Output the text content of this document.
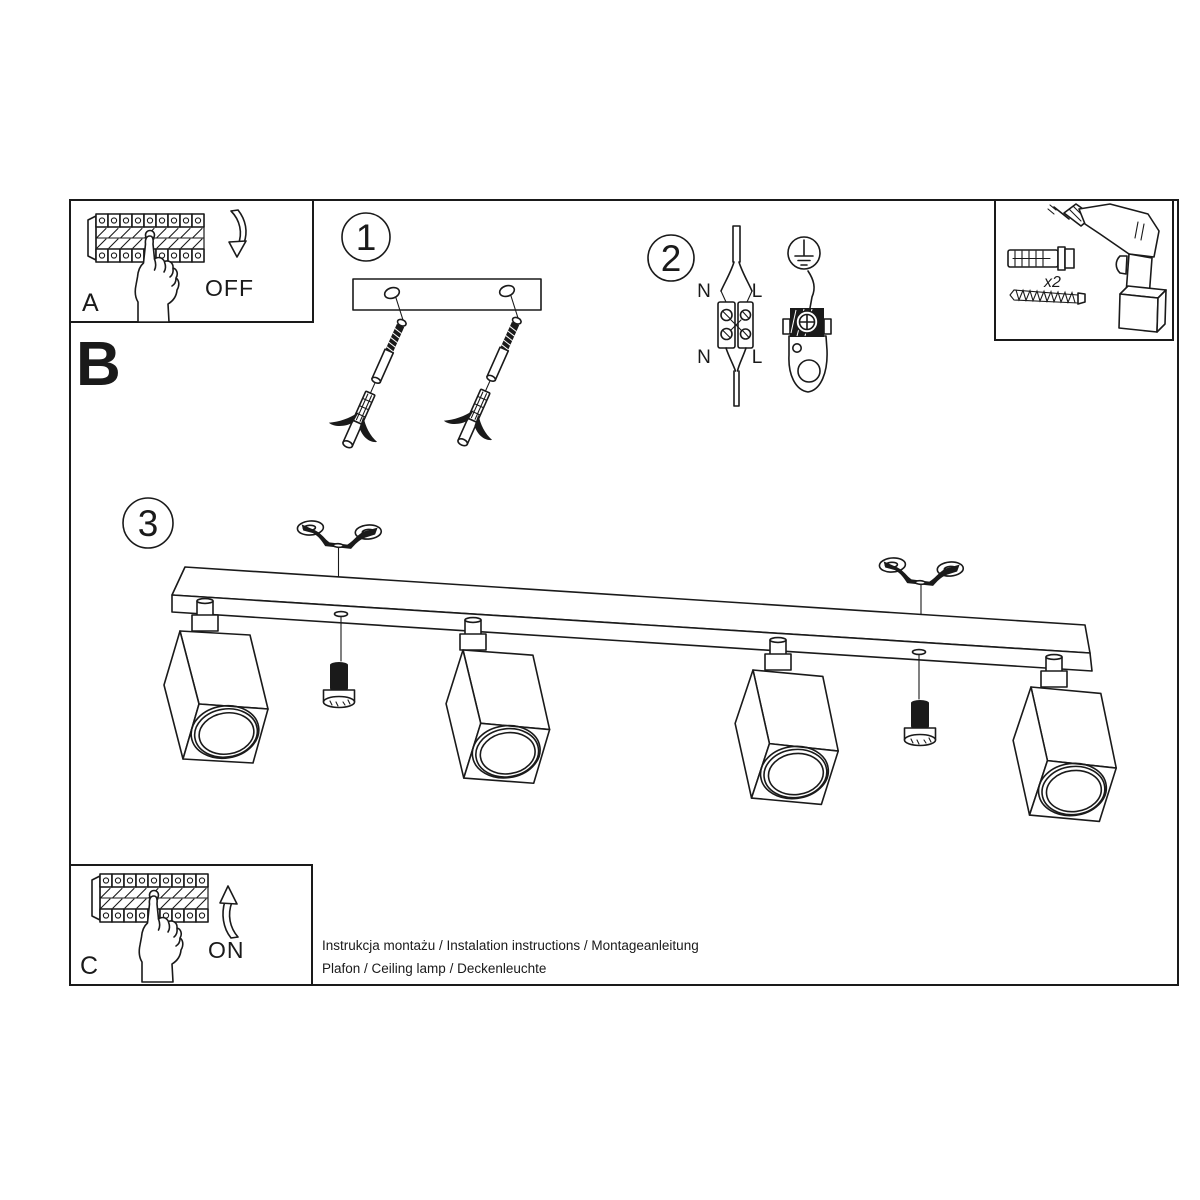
A
OFF
B
1
2
N L
N L
x2
3
C
ON	Instrukcja montażu / Instalation instructions / Montageanleitung
Plafon / Ceiling lamp / Deckenleuchte
